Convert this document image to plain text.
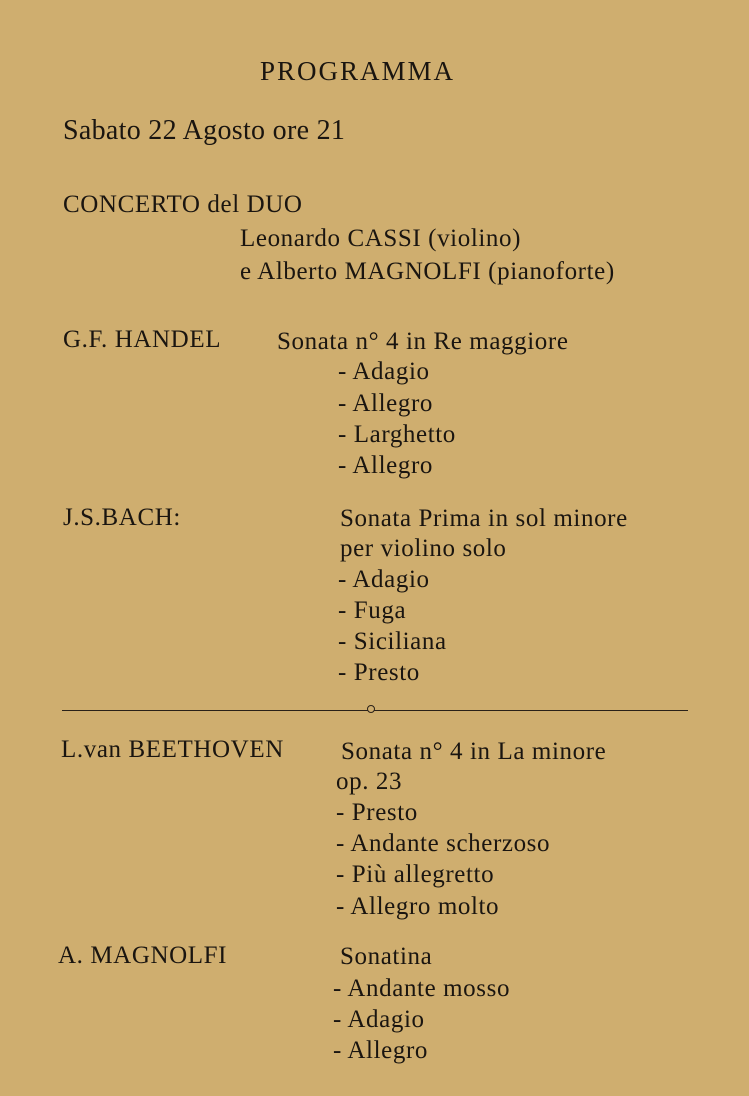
PROGRAMMA
Sabato 22 Agosto ore 21
CONCERTO del DUO
Leonardo CASSI (violino)
e Alberto MAGNOLFI (pianoforte)
G.F. HANDEL Sonata n° 4 in Re maggiore
- Adagio
- Allegro
- Larghetto
- Allegro
J.S.BACH:	Sonata Prima in sol minore
per violino solo
- Adagio
- Fuga
- Siciliana
- Presto
L.van BEETHOVEN Sonata n° 4 in La minore
op. 23
- Presto
- Andante scherzoso
- Più allegretto
- Allegro molto
A. MAGNOLFI	Sonatina
- Andante mosso
- Adagio
- Allegro
